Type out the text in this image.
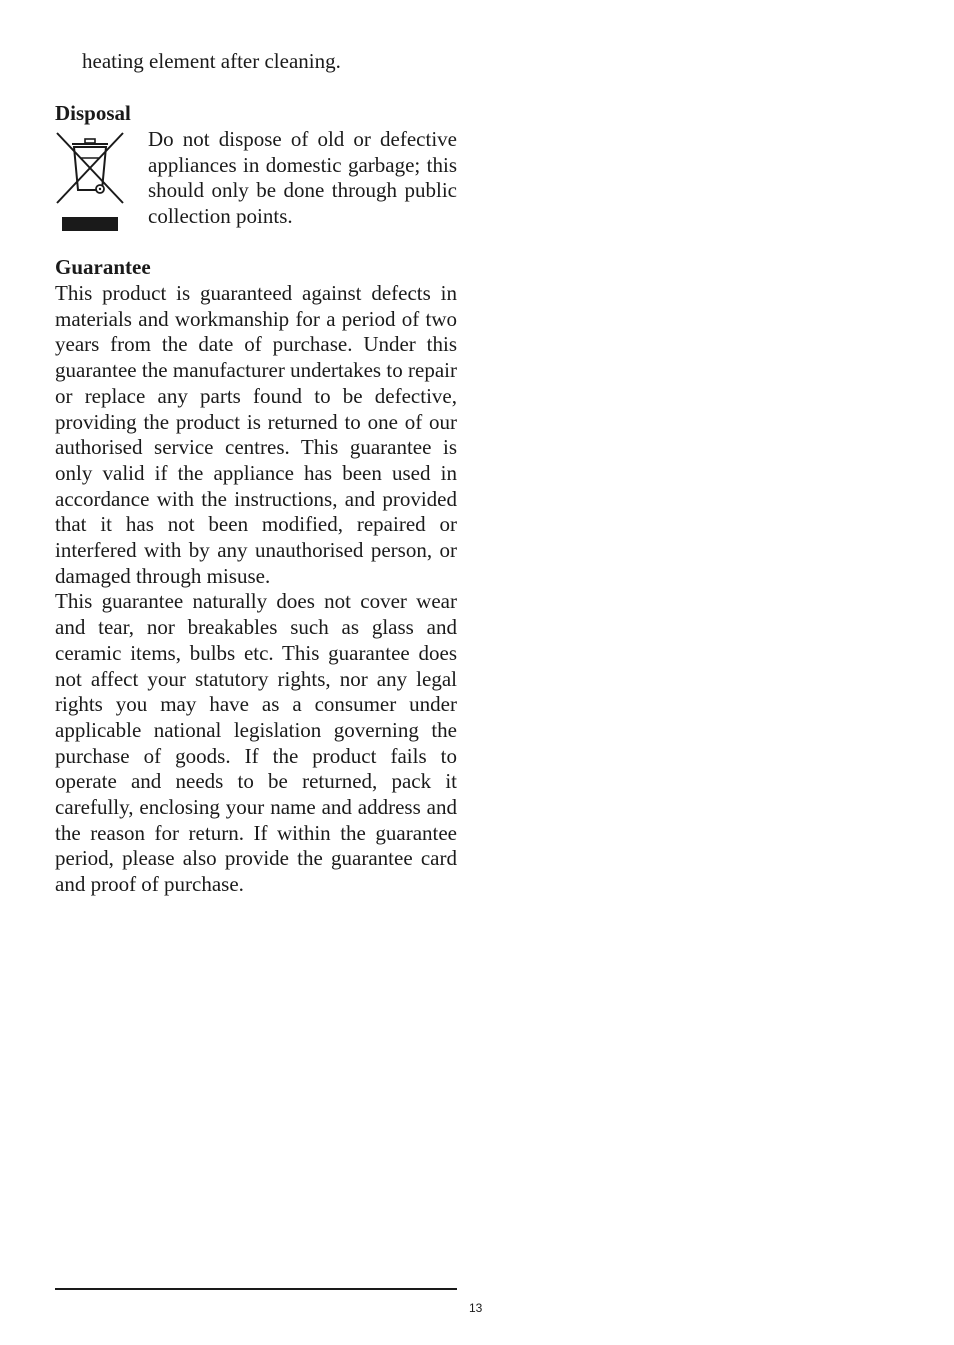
heating element after cleaning.
Disposal
Do not dispose of old or defective appliances in domestic garbage; this should only be done through public collection points.
Guarantee

This product is guaranteed against defects in materials and workmanship for a period of two years from the date of purchase. Under this guarantee the manufacturer undertakes to repair or replace any parts found to be defective, providing the product is returned to one of our authorised service centres. This guarantee is only valid if the appliance has been used in accordance with the instructions, and provided that it has not been modified, repaired or interfered with by any unauthorised person, or damaged through misuse.

This guarantee naturally does not cover wear and tear, nor breakables such as glass and ceramic items, bulbs etc. This guarantee does not affect your statutory rights, nor any legal rights you may have as a consumer under applicable national legislation governing the purchase of goods. If the product fails to operate and needs to be returned, pack it carefully, enclosing your name and address and the reason for return. If within the guarantee period, please also provide the guarantee card and proof of purchase.

13
